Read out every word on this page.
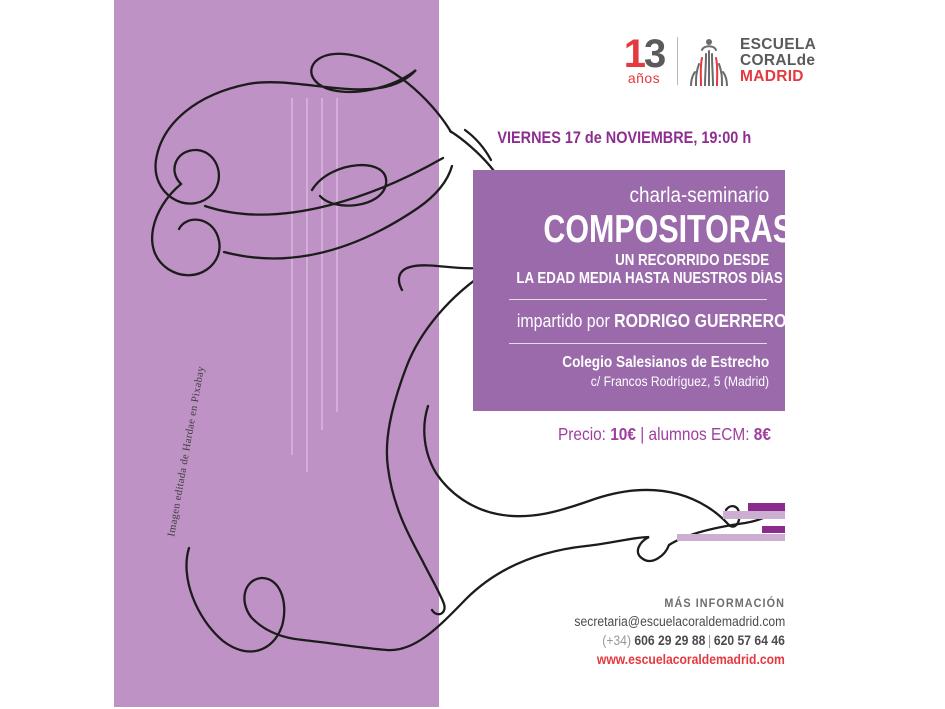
Imagen editada de Hardae en Pixabay
13
años
ESCUELA
CORALde
MADRID
VIERNES 17 de NOVIEMBRE, 19:00 h
charla-seminario
COMPOSITORAS
UN RECORRIDO DESDE
LA EDAD MEDIA HASTA NUESTROS DÍAS
impartido por RODRIGO GUERRERO
Colegio Salesianos de Estrecho
c/ Francos Rodríguez, 5 (Madrid)
Precio: 10€ | alumnos ECM: 8€
MÁS INFORMACIÓN
secretaria@escuelacoraldemadrid.com
(+34) 606 29 29 88 | 620 57 64 46
www.escuelacoraldemadrid.com
